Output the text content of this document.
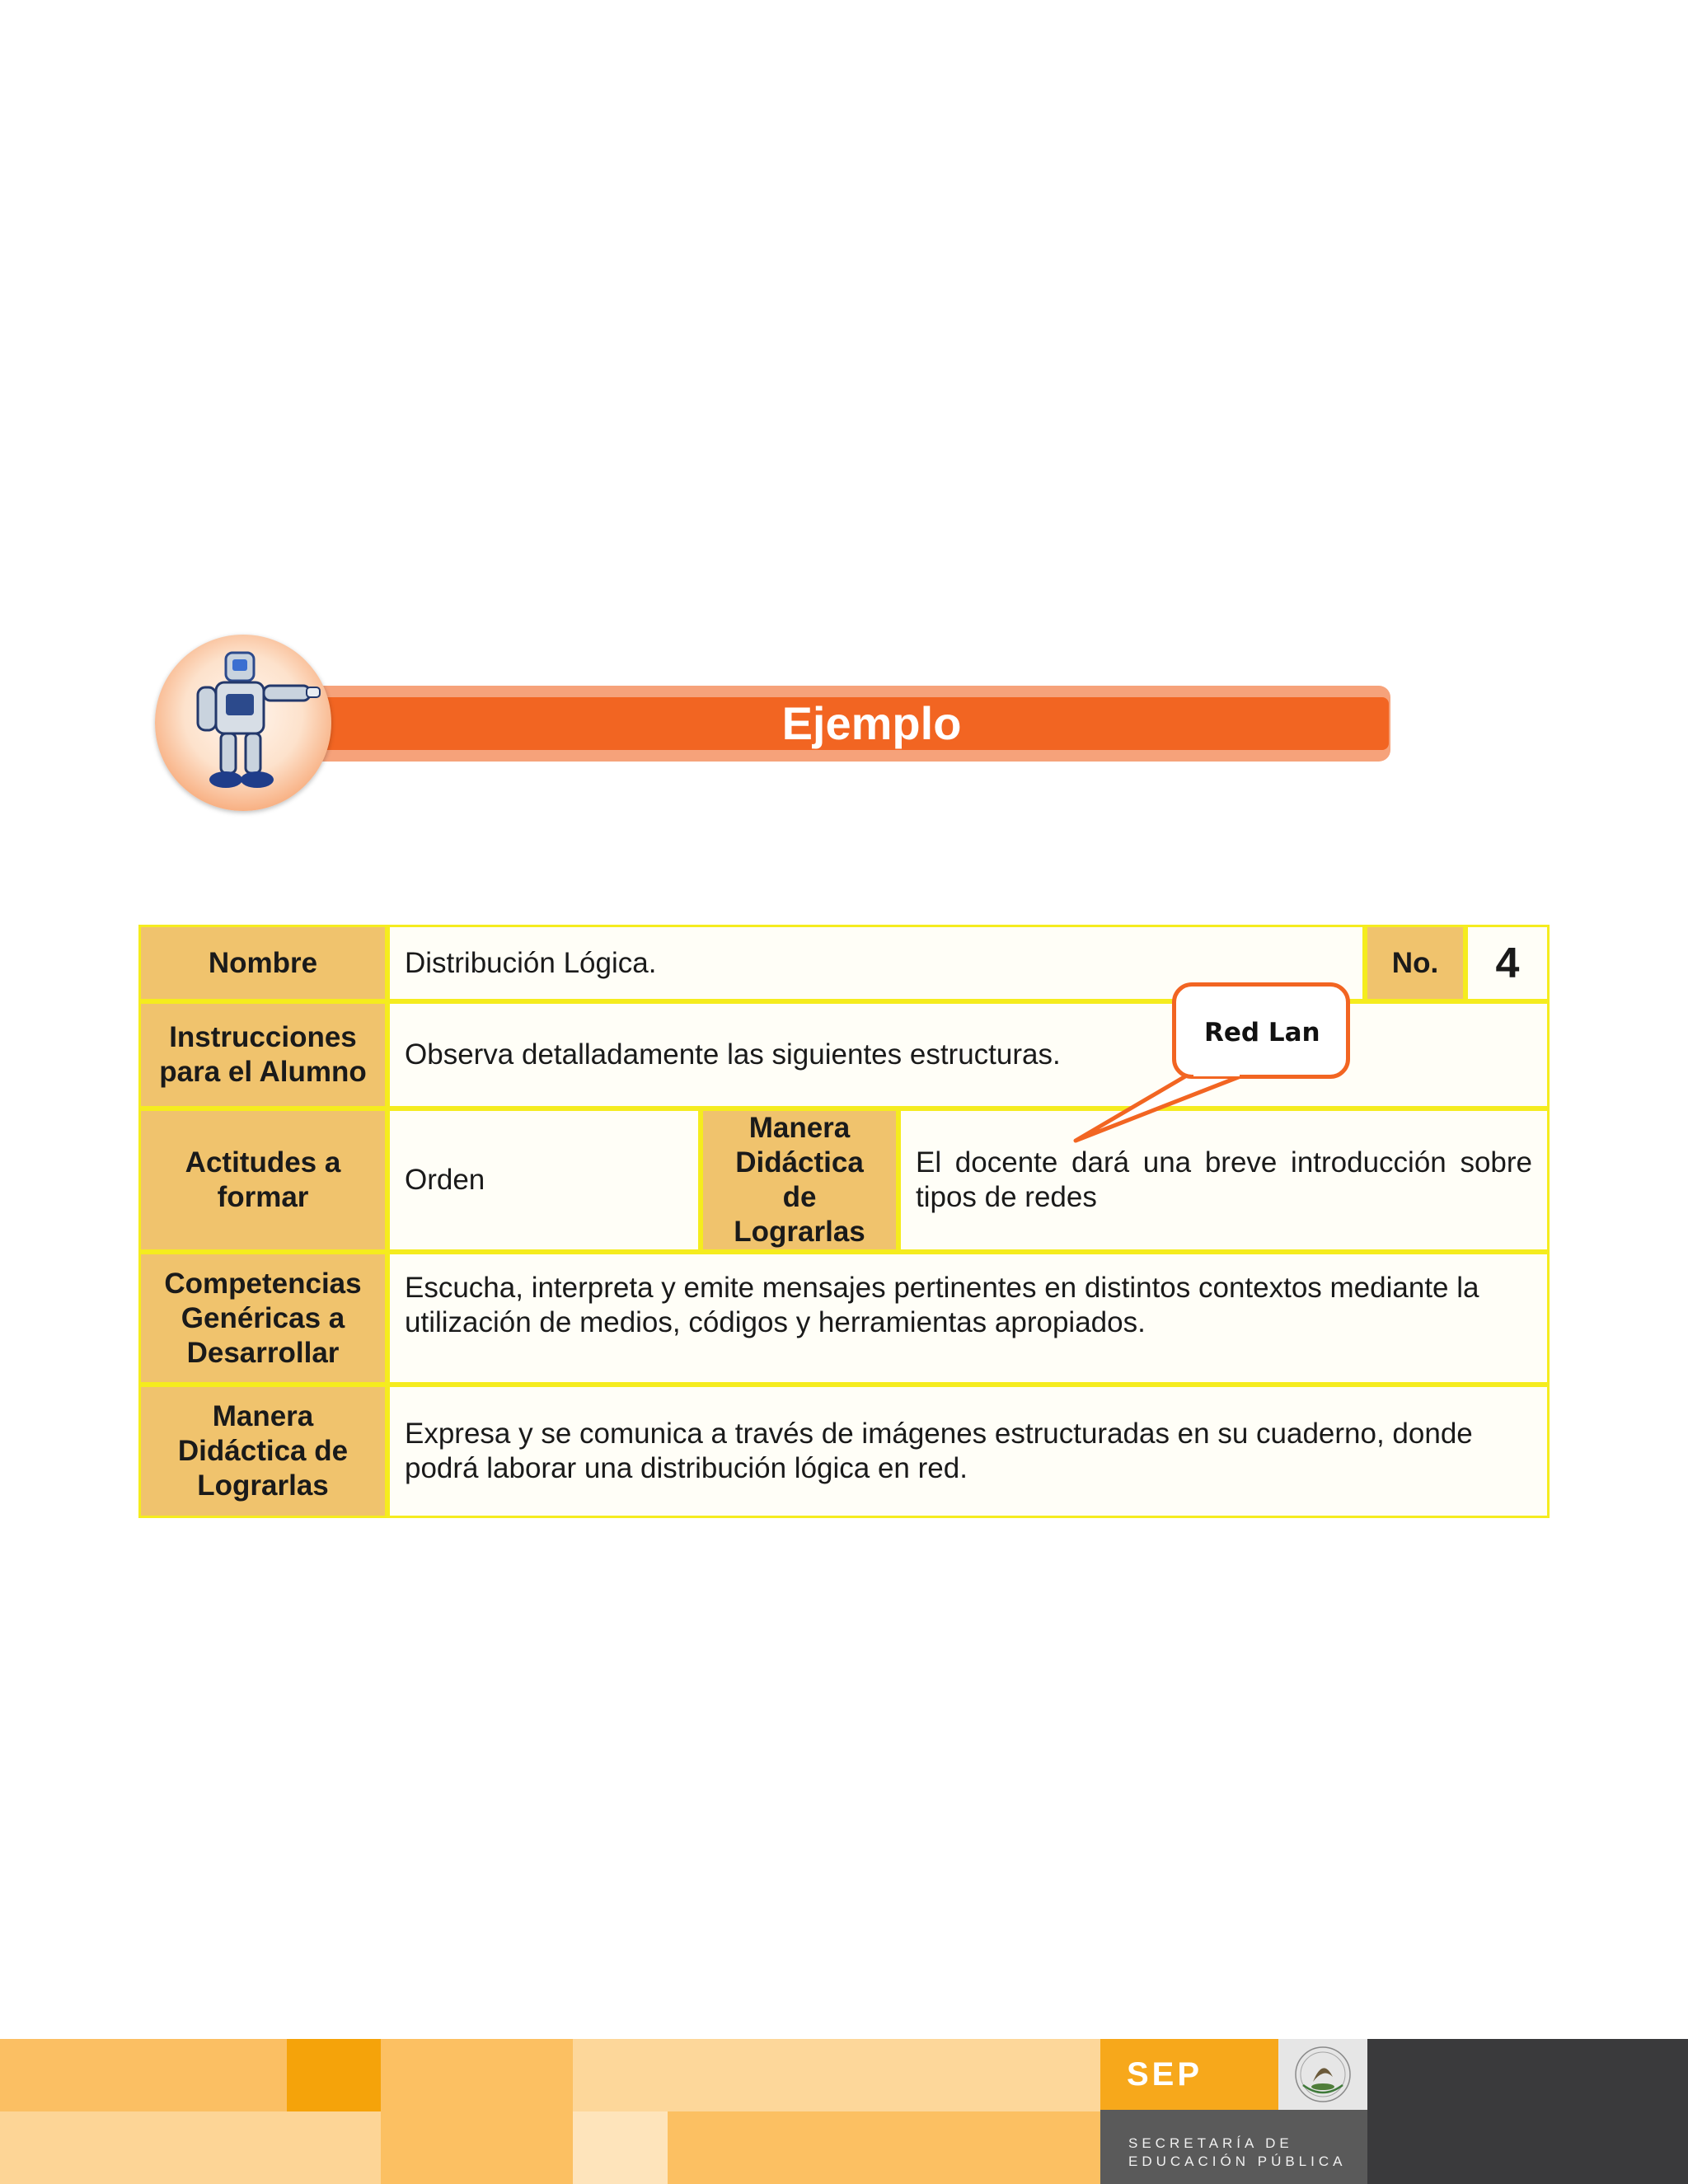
Ejemplo
Nombre	Distribución Lógica.	No. 4
Instrucciones
para el Alumno
Observa detalladamente las siguientes estructuras.
Actitudes a
formar
Orden
Manera
Didáctica
de
Lograrlas
El docente dará una breve introducción sobre tipos de redes
Competencias
Genéricas a
Desarrollar
Escucha, interpreta y emite mensajes pertinentes en distintos contextos mediante la utilización de medios, códigos y herramientas apropiados.
Manera
Didáctica de
Lograrlas
Expresa y se comunica a través de imágenes estructuradas en su cuaderno, donde podrá laborar una distribución lógica en red.
Red Lan
SEP
SECRETARÍA DE
EDUCACIÓN PÚBLICA
